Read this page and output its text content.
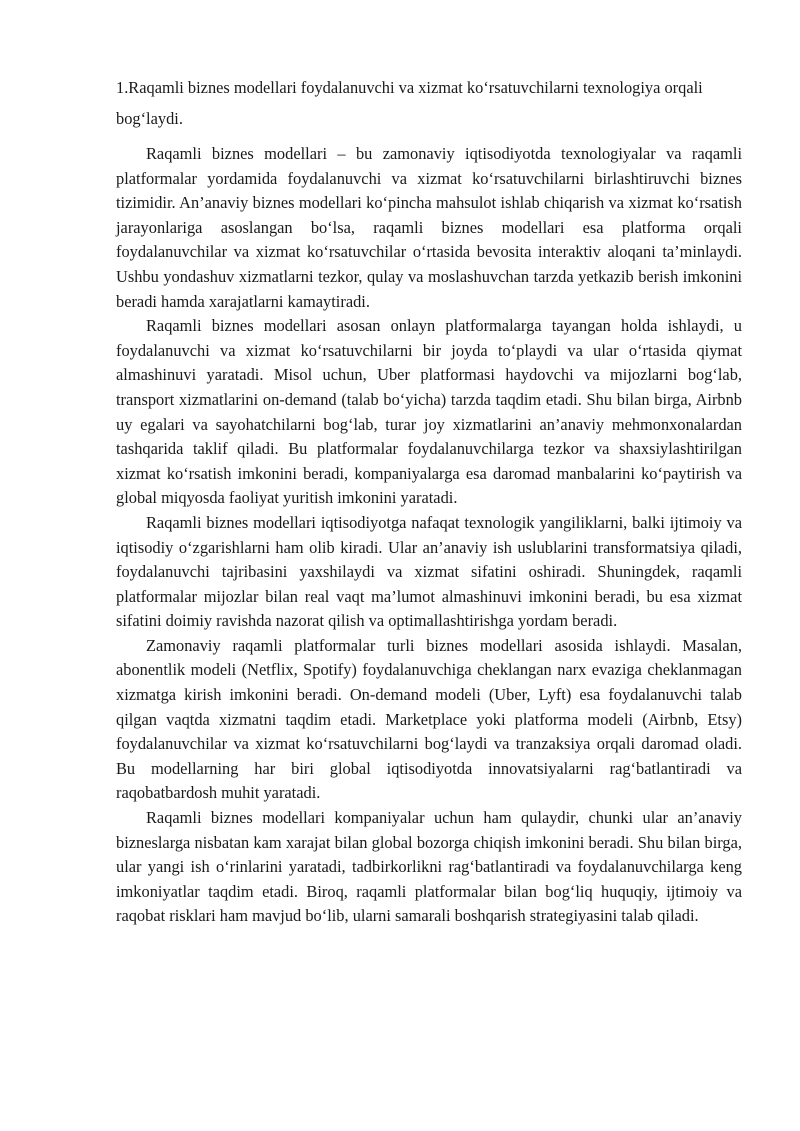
1.Raqamli biznes modellari foydalanuvchi va xizmat ko‘rsatuvchilarni texnologiya orqali bog‘laydi.

Raqamli biznes modellari – bu zamonaviy iqtisodiyotda texnologiyalar va raqamli platformalar yordamida foydalanuvchi va xizmat ko‘rsatuvchilarni birlashtiruvchi biznes tizimidir. An’anaviy biznes modellari ko‘pincha mahsulot ishlab chiqarish va xizmat ko‘rsatish jarayonlariga asoslangan bo‘lsa, raqamli biznes modellari esa platforma orqali foydalanuvchilar va xizmat ko‘rsatuvchilar o‘rtasida bevosita interaktiv aloqani ta’minlaydi. Ushbu yondashuv xizmatlarni tezkor, qulay va moslashuvchan tarzda yetkazib berish imkonini beradi hamda xarajatlarni kamaytiradi.

Raqamli biznes modellari asosan onlayn platformalarga tayangan holda ishlaydi, u foydalanuvchi va xizmat ko‘rsatuvchilarni bir joyda to‘playdi va ular o‘rtasida qiymat almashinuvi yaratadi. Misol uchun, Uber platformasi haydovchi va mijozlarni bog‘lab, transport xizmatlarini on-demand (talab bo‘yicha) tarzda taqdim etadi. Shu bilan birga, Airbnb uy egalari va sayohatchilarni bog‘lab, turar joy xizmatlarini an’anaviy mehmonxonalardan tashqarida taklif qiladi. Bu platformalar foydalanuvchilarga tezkor va shaxsiylashtirilgan xizmat ko‘rsatish imkonini beradi, kompaniyalarga esa daromad manbalarini ko‘paytirish va global miqyosda faoliyat yuritish imkonini yaratadi.

Raqamli biznes modellari iqtisodiyotga nafaqat texnologik yangiliklarni, balki ijtimoiy va iqtisodiy o‘zgarishlarni ham olib kiradi. Ular an’anaviy ish uslublarini transformatsiya qiladi, foydalanuvchi tajribasini yaxshilaydi va xizmat sifatini oshiradi. Shuningdek, raqamli platformalar mijozlar bilan real vaqt ma’lumot almashinuvi imkonini beradi, bu esa xizmat sifatini doimiy ravishda nazorat qilish va optimallashtirishga yordam beradi.

Zamonaviy raqamli platformalar turli biznes modellari asosida ishlaydi. Masalan, abonentlik modeli (Netflix, Spotify) foydalanuvchiga cheklangan narx evaziga cheklanmagan xizmatga kirish imkonini beradi. On-demand modeli (Uber, Lyft) esa foydalanuvchi talab qilgan vaqtda xizmatni taqdim etadi. Marketplace yoki platforma modeli (Airbnb, Etsy) foydalanuvchilar va xizmat ko‘rsatuvchilarni bog‘laydi va tranzaksiya orqali daromad oladi. Bu modellarning har biri global iqtisodiyotda innovatsiyalarni rag‘batlantiradi va raqobatbardosh muhit yaratadi.

Raqamli biznes modellari kompaniyalar uchun ham qulaydir, chunki ular an’anaviy bizneslarga nisbatan kam xarajat bilan global bozorga chiqish imkonini beradi. Shu bilan birga, ular yangi ish o‘rinlarini yaratadi, tadbirkorlikni rag‘batlantiradi va foydalanuvchilarga keng imkoniyatlar taqdim etadi. Biroq, raqamli platformalar bilan bog‘liq huquqiy, ijtimoiy va raqobat risklari ham mavjud bo‘lib, ularni samarali boshqarish strategiyasini talab qiladi.
